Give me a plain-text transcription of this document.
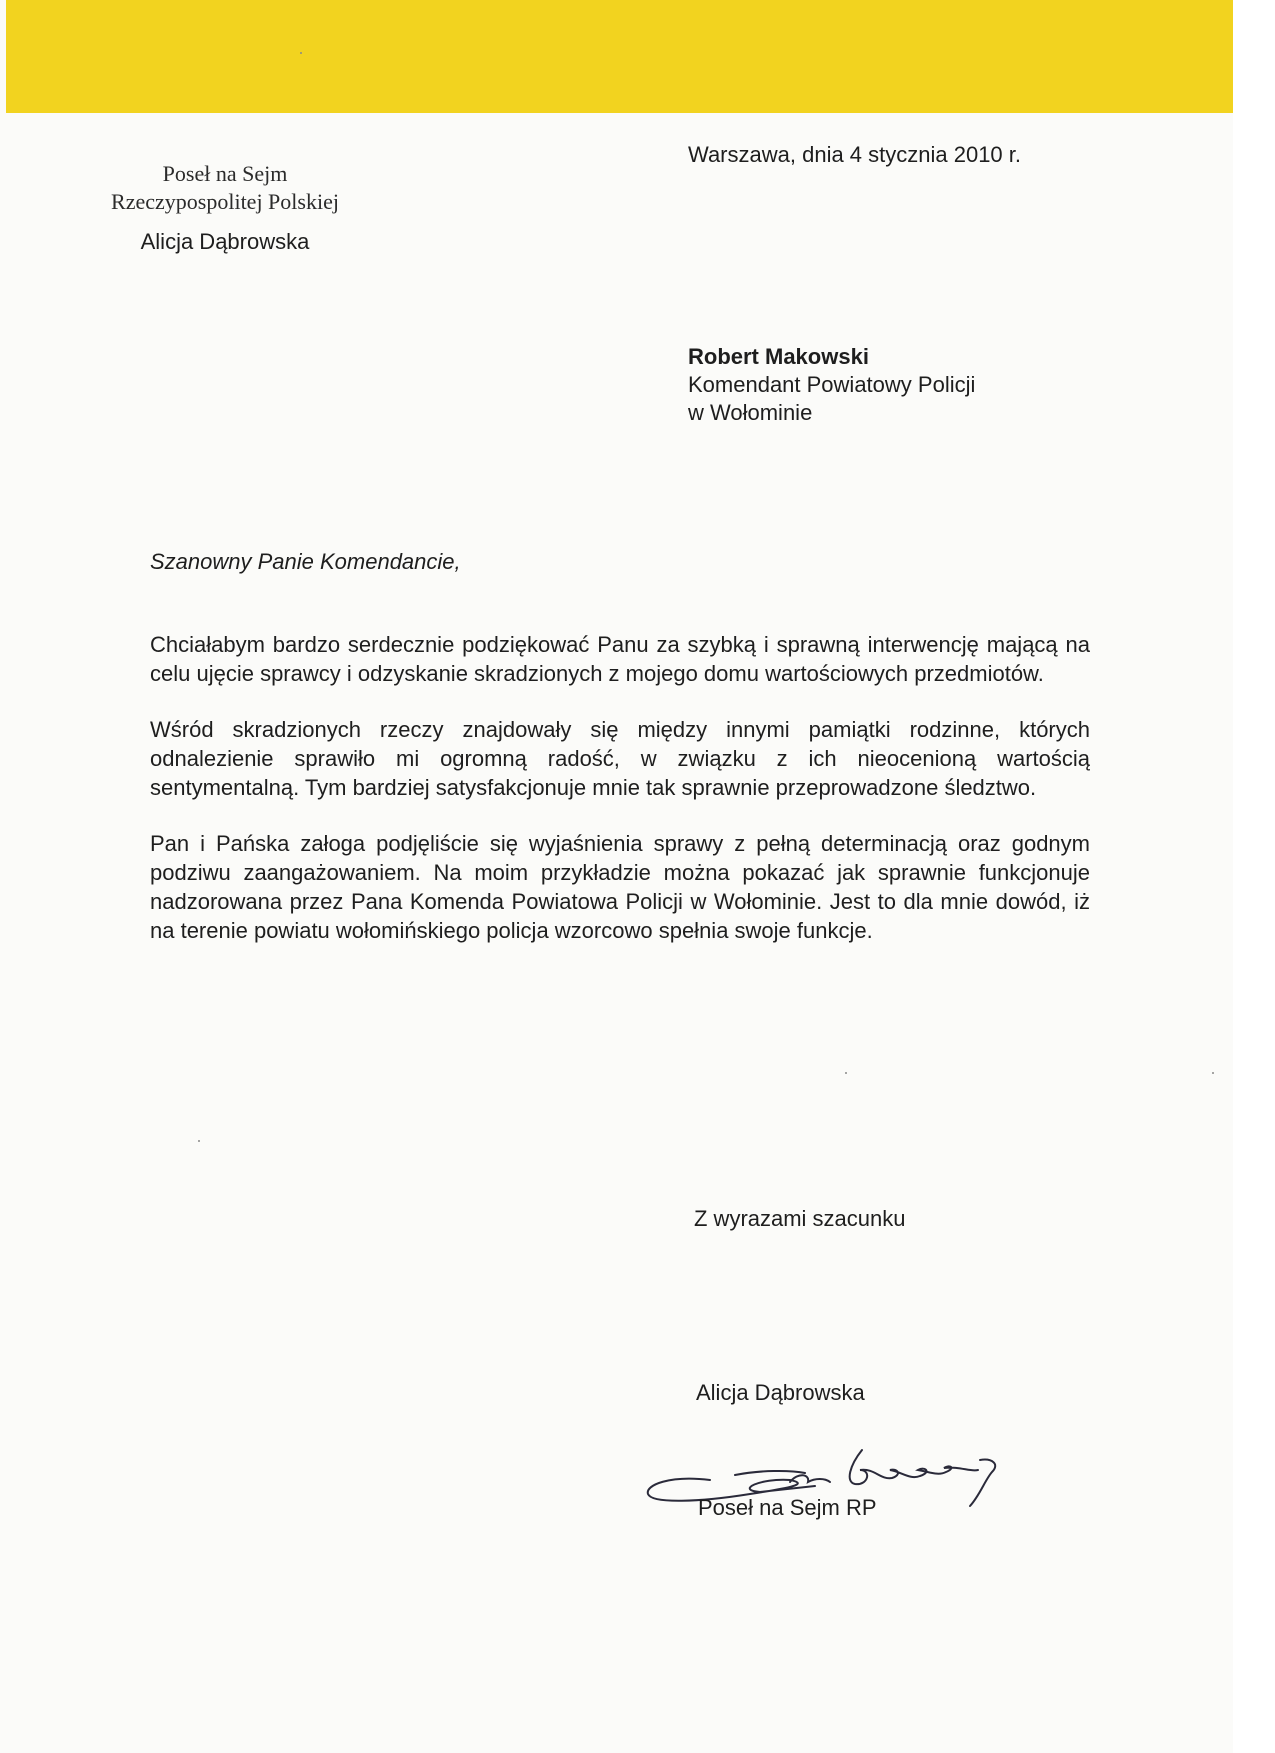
Poseł na Sejm
Rzeczypospolitej Polskiej
Alicja Dąbrowska
Warszawa, dnia 4 stycznia 2010 r.
Robert Makowski
Komendant Powiatowy Policji
w Wołominie
Szanowny Panie Komendancie,

Chciałabym bardzo serdecznie podziękować Panu za szybką i sprawną interwencję mającą na celu ujęcie sprawcy i odzyskanie skradzionych z mojego domu wartościowych przedmiotów.

Wśród skradzionych rzeczy znajdowały się między innymi pamiątki rodzinne, których odnalezienie sprawiło mi ogromną radość, w związku z ich nieocenioną wartością sentymentalną. Tym bardziej satysfakcjonuje mnie tak sprawnie przeprowadzone śledztwo.

Pan i Pańska załoga podjęliście się wyjaśnienia sprawy z pełną determinacją oraz godnym podziwu zaangażowaniem. Na moim przykładzie można pokazać jak sprawnie funkcjonuje nadzorowana przez Pana Komenda Powiatowa Policji w Wołominie. Jest to dla mnie dowód, iż na terenie powiatu wołomińskiego policja wzorcowo spełnia swoje funkcje.

Z wyrazami szacunku
Alicja Dąbrowska
Poseł na Sejm RP
